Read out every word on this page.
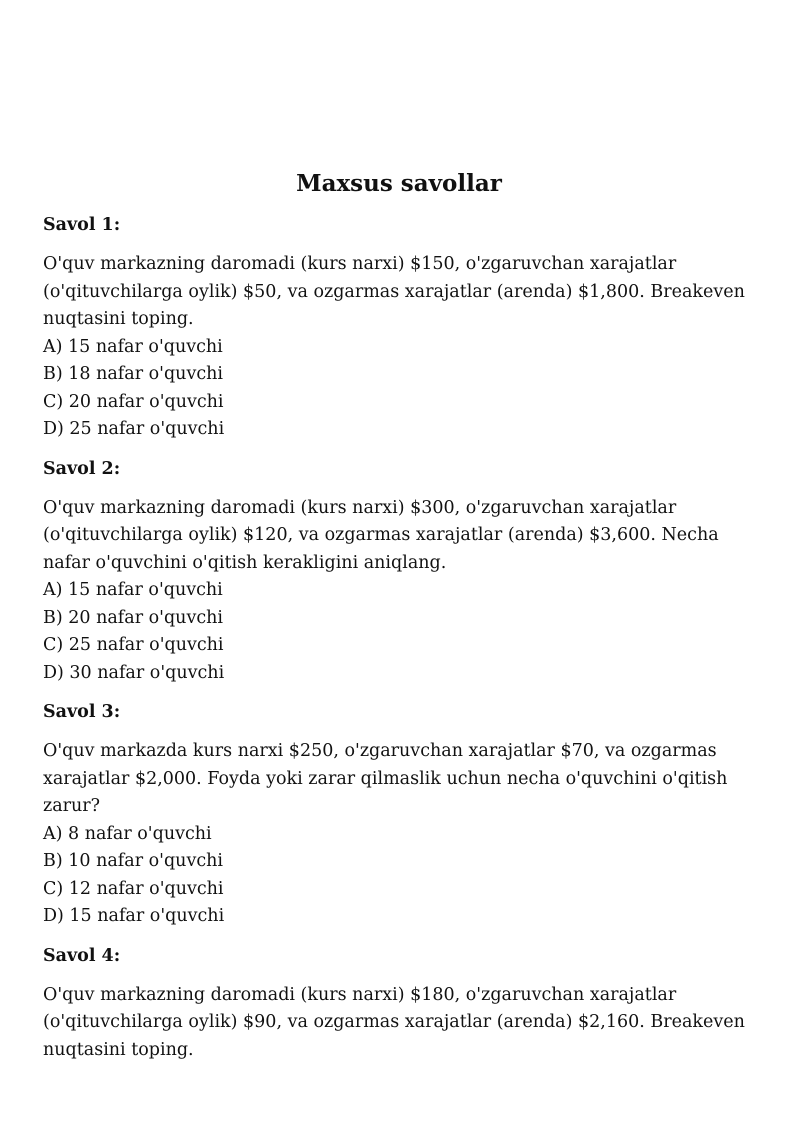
Maxsus savollar
Savol 1:

O'quv markazning daromadi (kurs narxi) $150, o'zgaruvchan xarajatlar
(o'qituvchilarga oylik) $50, va ozgarmas xarajatlar (arenda) $1,800. Breakeven
nuqtasini toping.

A) 15 nafar o'quvchi
B) 18 nafar o'quvchi
C) 20 nafar o'quvchi
D) 25 nafar o'quvchi
Savol 2:

O'quv markazning daromadi (kurs narxi) $300, o'zgaruvchan xarajatlar
(o'qituvchilarga oylik) $120, va ozgarmas xarajatlar (arenda) $3,600. Necha
nafar o'quvchini o'qitish kerakligini aniqlang.

A) 15 nafar o'quvchi
B) 20 nafar o'quvchi
C) 25 nafar o'quvchi
D) 30 nafar o'quvchi
Savol 3:

O'quv markazda kurs narxi $250, o'zgaruvchan xarajatlar $70, va ozgarmas
xarajatlar $2,000. Foyda yoki zarar qilmaslik uchun necha o'quvchini o'qitish
zarur?

A) 8 nafar o'quvchi
B) 10 nafar o'quvchi
C) 12 nafar o'quvchi
D) 15 nafar o'quvchi
Savol 4:

O'quv markazning daromadi (kurs narxi) $180, o'zgaruvchan xarajatlar
(o'qituvchilarga oylik) $90, va ozgarmas xarajatlar (arenda) $2,160. Breakeven
nuqtasini toping.
